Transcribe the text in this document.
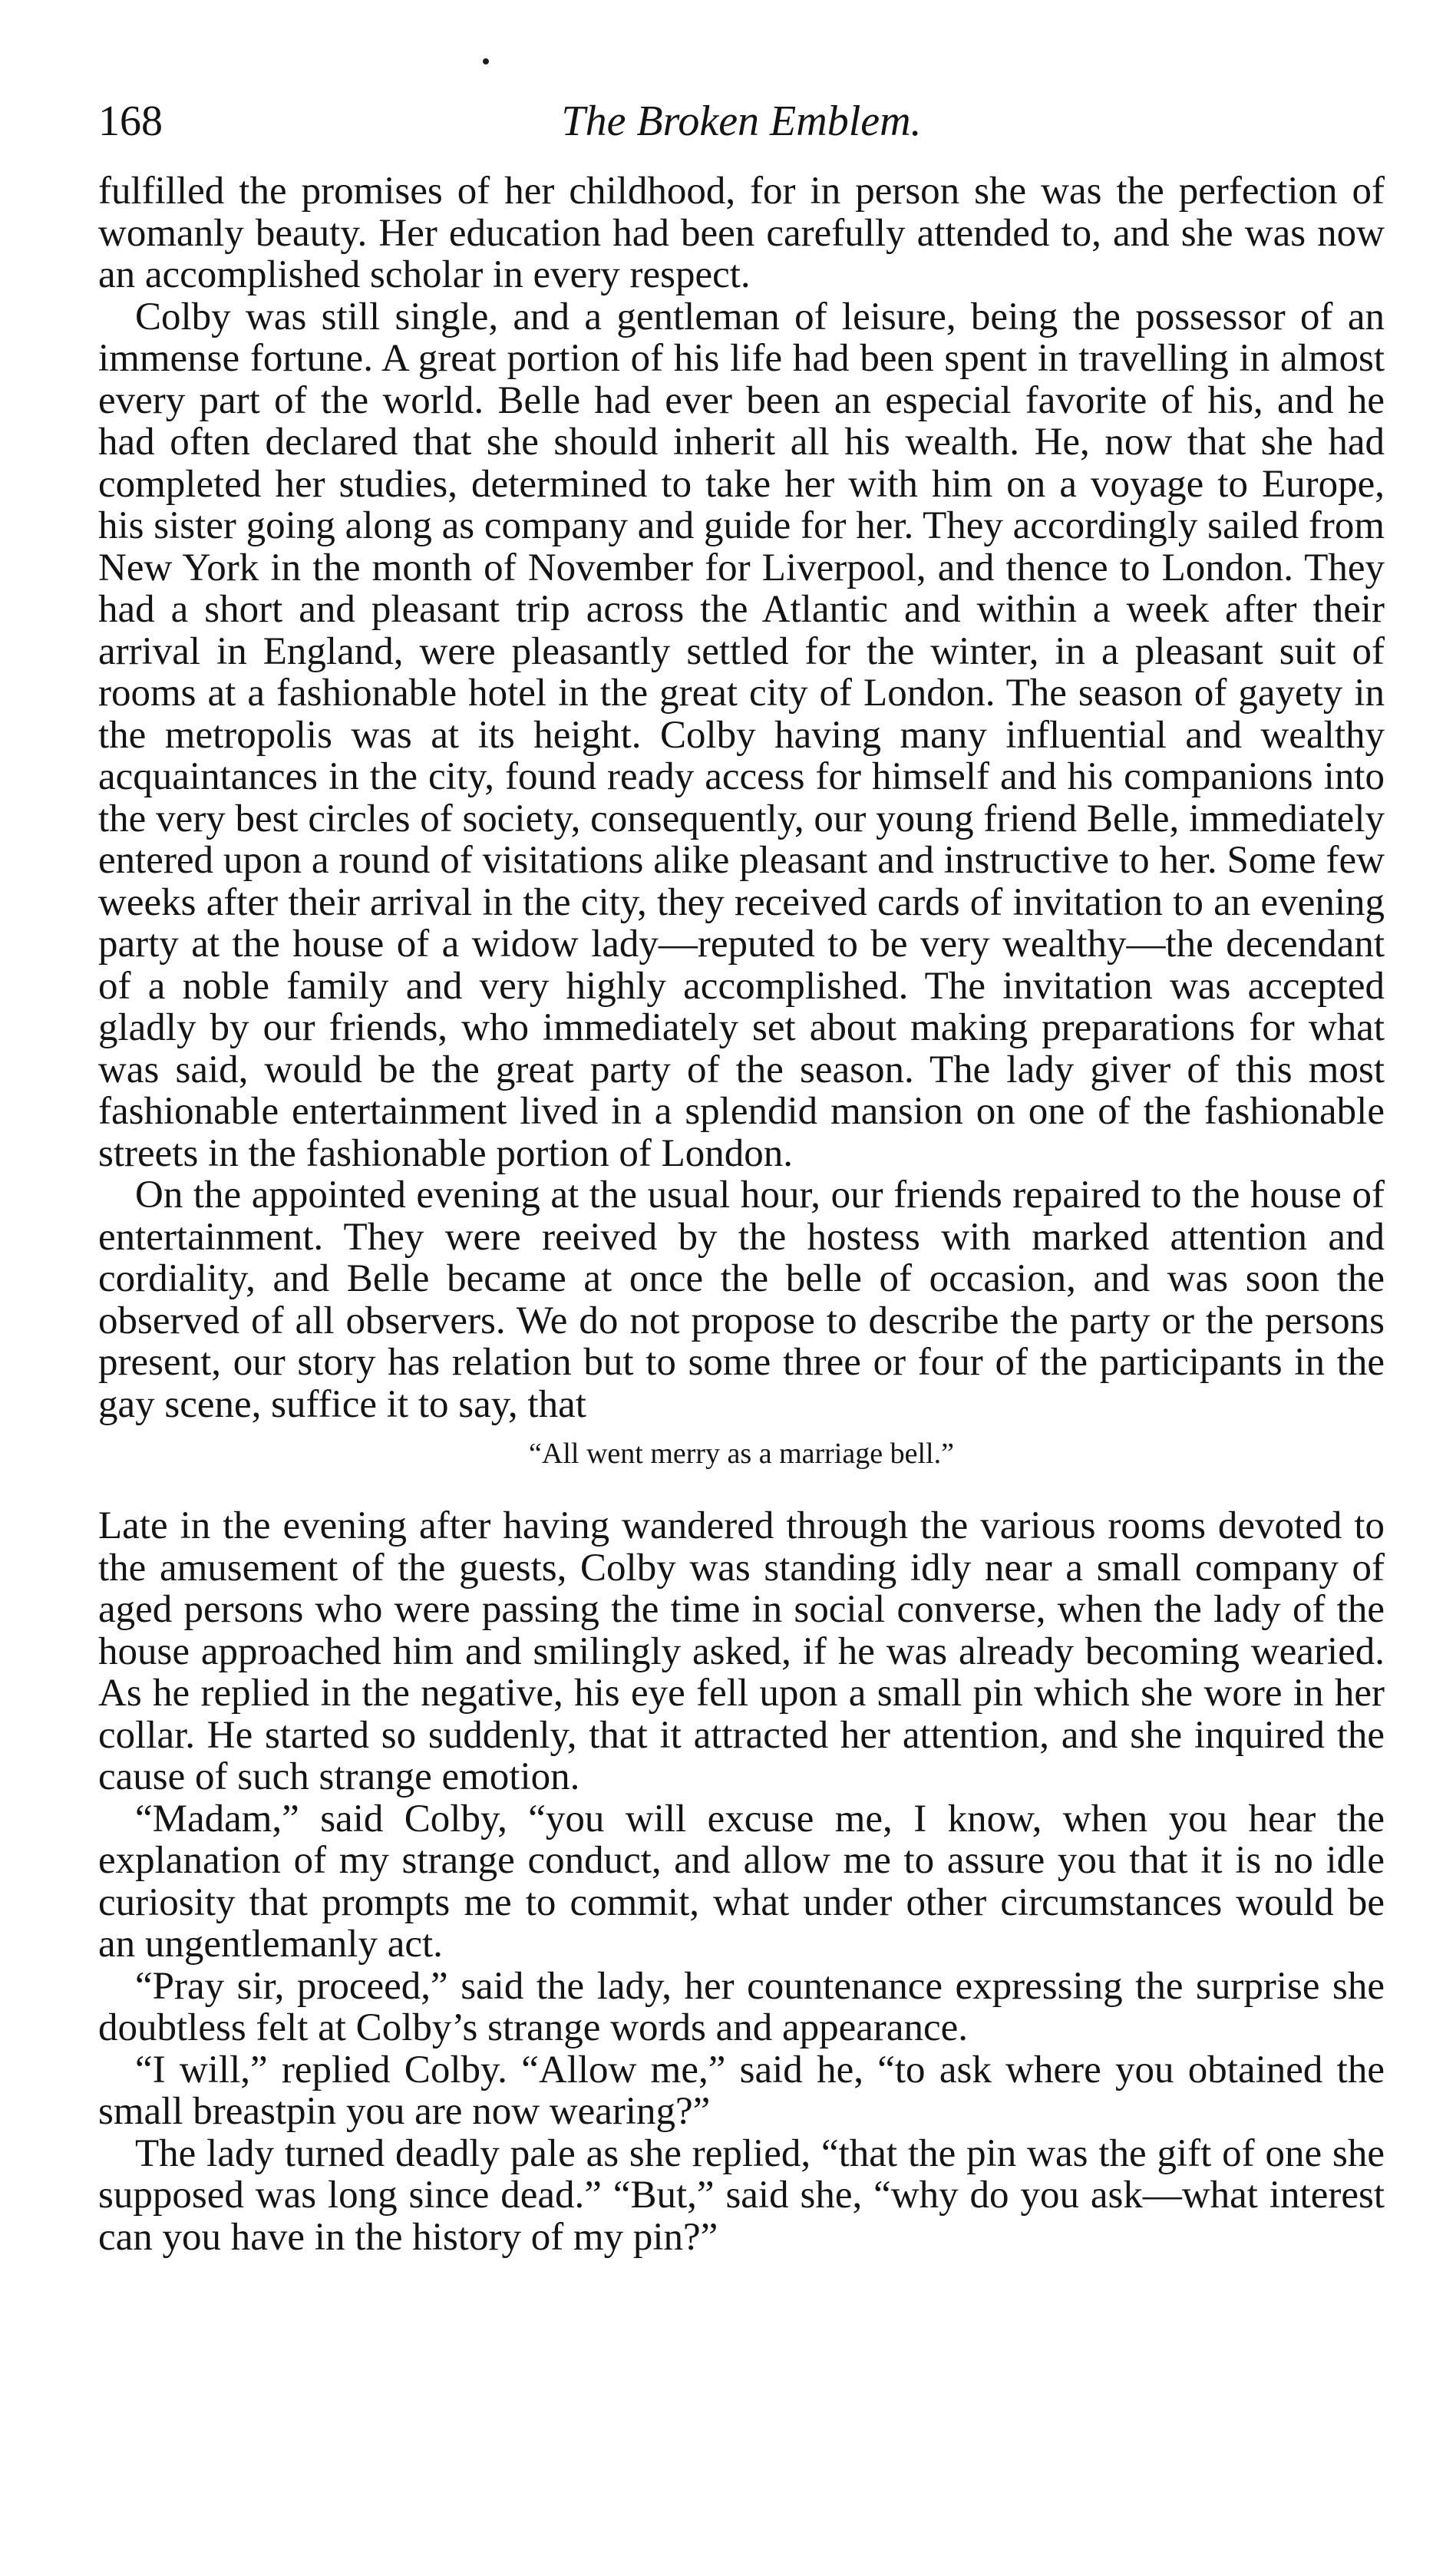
168	The Broken Emblem.

fulfilled the promises of her childhood, for in person she was the perfection of womanly beauty. Her education had been carefully attended to, and she was now an accomplished scholar in every respect.

Colby was still single, and a gentleman of leisure, being the possessor of an immense fortune. A great portion of his life had been spent in travelling in almost every part of the world. Belle had ever been an especial favorite of his, and he had often declared that she should inherit all his wealth. He, now that she had completed her studies, determined to take her with him on a voyage to Europe, his sister going along as company and guide for her. They accordingly sailed from New York in the month of November for Liverpool, and thence to London. They had a short and pleasant trip across the Atlantic and within a week after their arrival in England, were pleasantly settled for the winter, in a pleasant suit of rooms at a fashionable hotel in the great city of London. The season of gayety in the metropolis was at its height. Colby having many influential and wealthy acquaintances in the city, found ready access for himself and his companions into the very best circles of society, consequently, our young friend Belle, immediately entered upon a round of visitations alike pleasant and instructive to her. Some few weeks after their arrival in the city, they received cards of invitation to an evening party at the house of a widow lady—reputed to be very wealthy—the decendant of a noble family and very highly accomplished. The invitation was accepted gladly by our friends, who immediately set about making preparations for what was said, would be the great party of the season. The lady giver of this most fashionable entertainment lived in a splendid mansion on one of the fashionable streets in the fashionable portion of London.

On the appointed evening at the usual hour, our friends repaired to the house of entertainment. They were reeived by the hostess with marked attention and cordiality, and Belle became at once the belle of occasion, and was soon the observed of all observers. We do not propose to describe the party or the persons present, our story has relation but to some three or four of the participants in the gay scene, suffice it to say, that

“All went merry as a marriage bell.”

Late in the evening after having wandered through the various rooms devoted to the amusement of the guests, Colby was standing idly near a small company of aged persons who were passing the time in social converse, when the lady of the house approached him and smilingly asked, if he was already becoming wearied. As he replied in the negative, his eye fell upon a small pin which she wore in her collar. He started so suddenly, that it attracted her attention, and she inquired the cause of such strange emotion.

“Madam,” said Colby, “you will excuse me, I know, when you hear the explanation of my strange conduct, and allow me to assure you that it is no idle curiosity that prompts me to commit, what under other circumstances would be an ungentlemanly act.

“Pray sir, proceed,” said the lady, her countenance expressing the surprise she doubtless felt at Colby’s strange words and appearance.

“I will,” replied Colby. “Allow me,” said he, “to ask where you obtained the small breastpin you are now wearing?”

The lady turned deadly pale as she replied, “that the pin was the gift of one she supposed was long since dead.” “But,” said she, “why do you ask—what interest can you have in the history of my pin?”
